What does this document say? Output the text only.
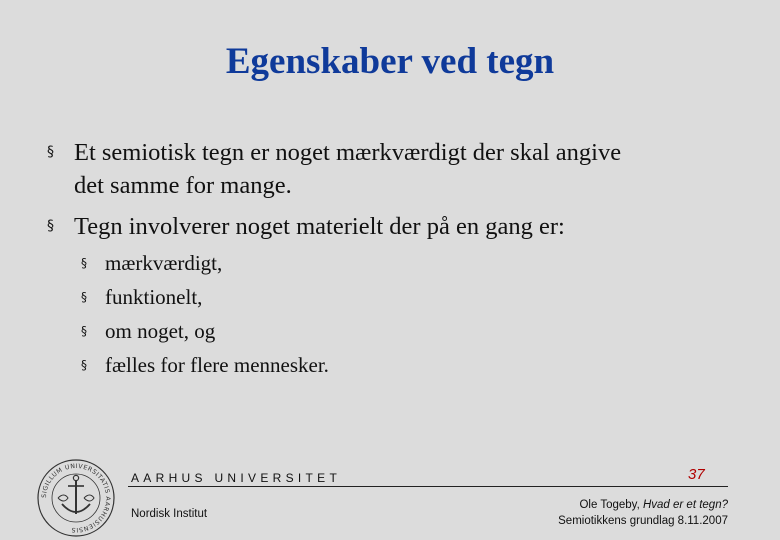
Egenskaber ved tegn
§ Et semiotisk tegn er noget mærkværdigt der skal angive
det samme for mange.
§ Tegn involverer noget materielt der på en gang er:
§ mærkværdigt,
§ funktionelt,
§ om noget, og
§ fælles for flere mennesker.
SIGILLUM UNIVERSITATIS AARHUSIENSIS
AARHUS UNIVERSITET
Nordisk Institut
37
Ole Togeby, Hvad er et tegn?
Semiotikkens grundlag 8.11.2007
